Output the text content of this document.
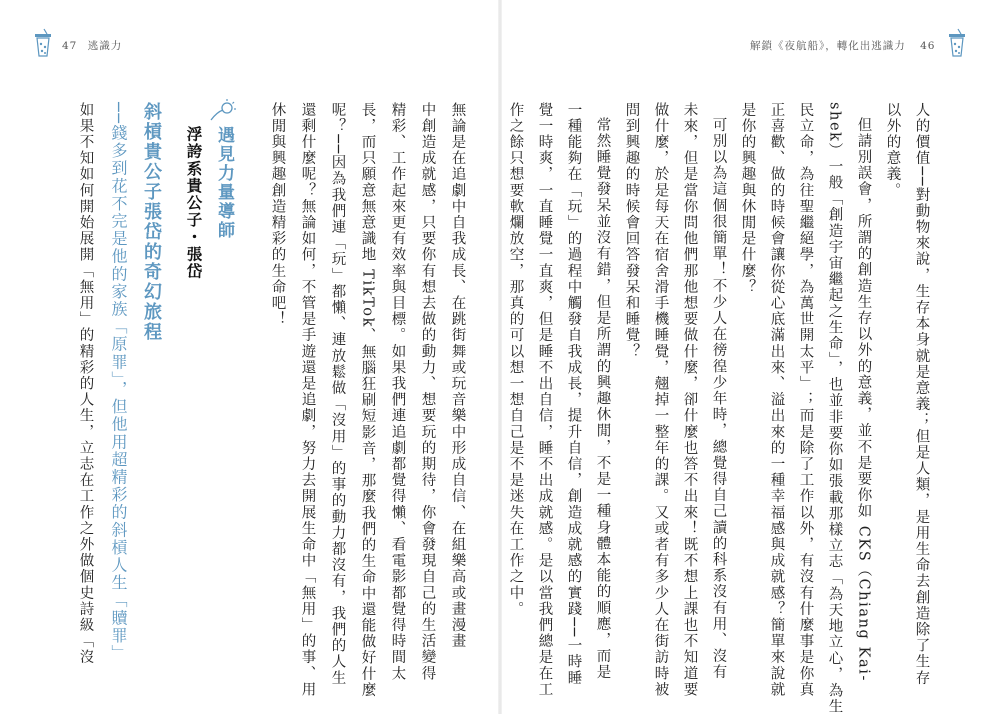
47 逃識力
無論是在追劇中自我成長、在跳街舞或玩音樂中形成自信、在組樂高或畫漫畫
中創造成就感，只要你有想去做的動力、想要玩的期待，你會發現自己的生活變得
精彩、工作起來更有效率與目標。如果我們連追劇都覺得懶、看電影都覺得時間太
長，而只願意無意識地 TikTok、無腦狂刷短影音，那麼我們的生命中還能做好什麼
呢？──因為我們連「玩」都懶、連放鬆做「沒用」的事的動力都沒有，我們的人生
還剩什麼呢？無論如何，不管是手遊還是追劇，努力去開展生命中「無用」的事、用
休閒與興趣創造精彩的生命吧！
遇見力量導師
浮誇系貴公子・張岱
斜槓貴公子張岱的奇幻旅程
──錢多到花不完是他的家族「原罪」，但他用超精彩的斜槓人生「贖罪」
如果不知如何開始展開「無用」的精彩的人生，立志在工作之外做個史詩級「沒
解鎖《夜航船》，轉化出逃識力 46
人的價值──對動物來說，生存本身就是意義；但是人類，是用生命去創造除了生存
以外的意義。
但請別誤會，所謂的創造生存以外的意義，並不是要你如 CKS（Chiang Kai-
shek）一般「創造宇宙繼起之生命」，也並非要你如張載那樣立志「為天地立心，為生
民立命，為往聖繼絕學，為萬世開太平」；而是除了工作以外，有沒有什麼事是你真
正喜歡、做的時候會讓你從心底滿出來、溢出來的一種幸福感與成就感？簡單來說就
是你的興趣與休閒是什麼？
可別以為這個很簡單！不少人在徬徨少年時，總覺得自己讀的科系沒有用、沒有
未來，但是當你問他們那他想要做什麼，卻什麼也答不出來！既不想上課也不知道要
做什麼，於是每天在宿舍滑手機睡覺，翹掉一整年的課。又或者有多少人在街訪時被
問到興趣的時候會回答發呆和睡覺？
常然睡覺發呆並沒有錯，但是所謂的興趣休閒，不是一種身體本能的順應，而是
一種能夠在「玩」的過程中觸發自我成長，提升自信，創造成就感的實踐──一時睡
覺一時爽，一直睡覺一直爽，但是睡不出自信，睡不出成就感。是以當我們總是在工
作之餘只想要軟爛放空，那真的可以想一想自己是不是迷失在工作之中。
